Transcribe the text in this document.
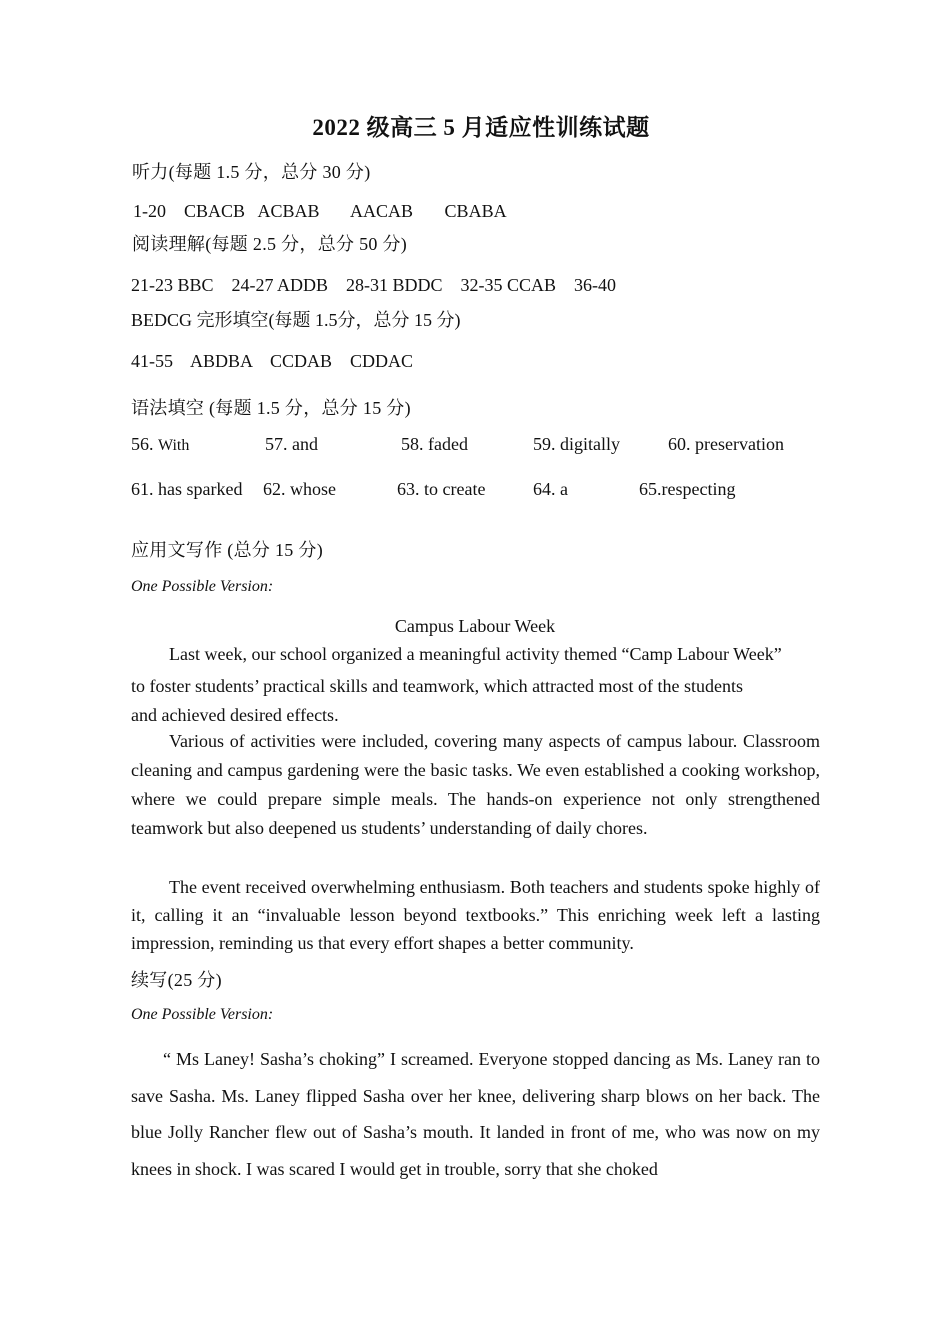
2022 级高三 5 月适应性训练试题
听力(每题 1.5 分，总分 30 分)
1-20    CBACB   ACBAB       AACAB       CBABA
阅读理解(每题 2.5 分，总分 50 分)
21-23 BBC    24-27 ADDB    28-31 BDDC    32-35 CCAB    36-40
BEDCG 完形填空(每题 1.5分，总分 15 分)
41-55    ABDBA    CCDAB    CDDAC
语法填空 (每题 1.5 分，总分 15 分)
56. With	57. and	58. faded	59. digitally	60. preservation
61. has sparked 62. whose	63. to create	64. a	65.respecting
应用文写作 (总分 15 分)
One Possible Version:
Campus Labour Week
Last week, our school organized a meaningful activity themed “Camp Labour Week”
to foster students’ practical skills and teamwork, which attracted most of the students
and achieved desired effects.
Various of activities were included, covering many aspects of campus labour. Classroom cleaning and campus gardening were the basic tasks. We even established a cooking workshop, where we could prepare simple meals. The hands-on experience not only strengthened teamwork but also deepened us students’ understanding of daily chores.
The event received overwhelming enthusiasm. Both teachers and students spoke highly of it, calling it an “invaluable lesson beyond textbooks.” This enriching week left a lasting impression, reminding us that every effort shapes a better community.
续写(25 分)
One Possible Version:
“ Ms Laney! Sasha’s choking” I screamed. Everyone stopped dancing as Ms. Laney ran to save Sasha. Ms. Laney flipped Sasha over her knee, delivering sharp blows on her back. The blue Jolly Rancher flew out of Sasha’s mouth. It landed in front of me, who was now on my knees in shock. I was scared I would get in trouble, sorry that she choked
